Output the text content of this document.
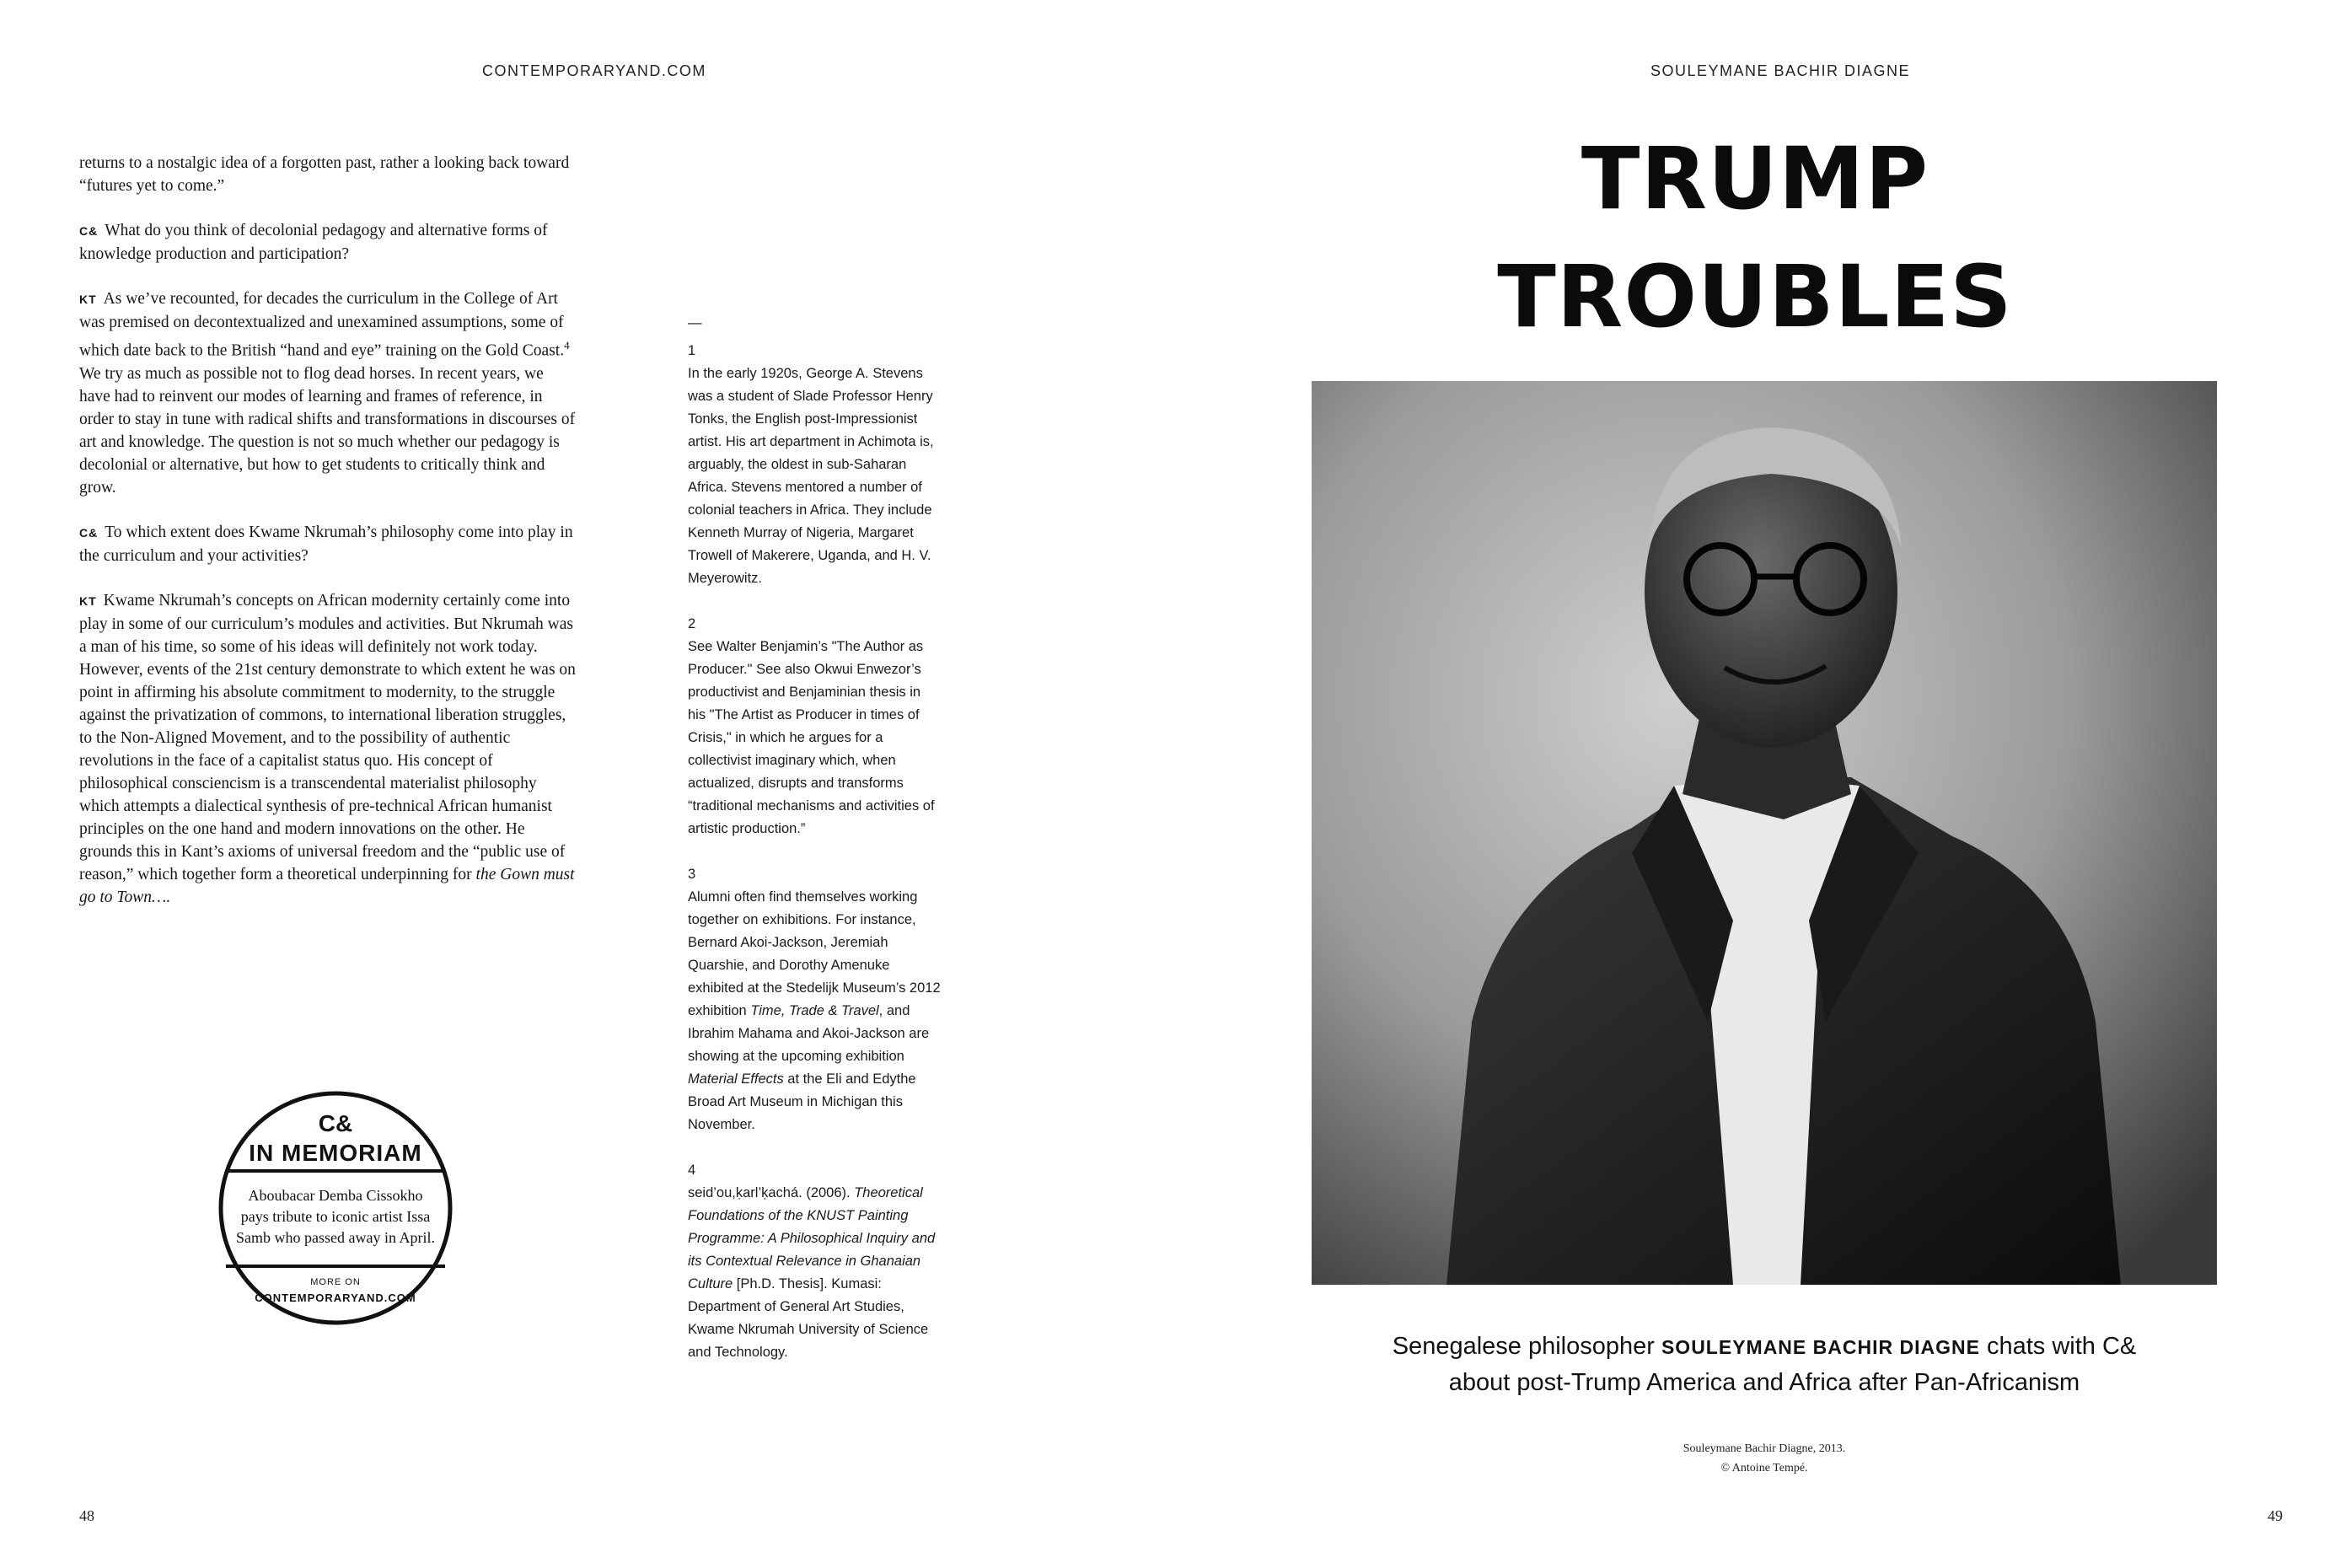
CONTEMPORARYAND.COM

returns to a nostalgic idea of a forgotten past, rather a looking back toward “futures yet to come.”

C& What do you think of decolonial pedagogy and alternative forms of knowledge production and participation?

KT As we’ve recounted, for decades the curriculum in the College of Art was premised on decontextualized and unexamined assumptions, some of which date back to the British “hand and eye” training on the Gold Coast.$^4$ We try as much as possible not to flog dead horses. In recent years, we have had to reinvent our modes of learning and frames of reference, in order to stay in tune with radical shifts and transformations in discourses of art and knowledge. The question is not so much whether our pedagogy is decolonial or alternative, but how to get students to critically think and grow.

C& To which extent does Kwame Nkrumah’s philosophy come into play in the curriculum and your activities?

KT Kwame Nkrumah’s concepts on African modernity certainly come into play in some of our curriculum’s modules and activities. But Nkrumah was a man of his time, so some of his ideas will definitely not work today. However, events of the 21st century demonstrate to which extent he was on point in affirming his absolute commitment to modernity, to the struggle against the privatization of commons, to international liberation struggles, to the Non-Aligned Movement, and to the possibility of authentic revolutions in the face of a capitalist status quo. His concept of philosophical consciencism is a transcendental materialist philosophy which attempts a dialectical synthesis of pre-technical African humanist principles on the one hand and modern innovations on the other. He grounds this in Kant’s axioms of universal freedom and the “public use of reason,” which together form a theoretical underpinning for the Gown must go to Town….

—
1
In the early 1920s, George A. Stevens was a student of Slade Professor Henry Tonks, the English post-Impressionist artist. His art department in Achimota is, arguably, the oldest in sub-Saharan Africa. Stevens mentored a number of colonial teachers in Africa. They include Kenneth Murray of Nigeria, Margaret Trowell of Makerere, Uganda, and H. V. Meyerowitz.
2
See Walter Benjamin’s "The Author as Producer." See also Okwui Enwezor’s productivist and Benjaminian thesis in his "The Artist as Producer in times of Crisis," in which he argues for a collectivist imaginary which, when actualized, disrupts and transforms “traditional mechanisms and activities of artistic production.”
3
Alumni often find themselves working together on exhibitions. For instance, Bernard Akoi-Jackson, Jeremiah Quarshie, and Dorothy Amenuke exhibited at the Stedelijk Museum’s 2012 exhibition Time, Trade & Travel, and Ibrahim Mahama and Akoi-Jackson are showing at the upcoming exhibition Material Effects at the Eli and Edythe Broad Art Museum in Michigan this November.
4
seid’ou,ḳarl’ḳachá. (2006). Theoretical Foundations of the KNUST Painting Programme: A Philosophical Inquiry and its Contextual Relevance in Ghanaian Culture [Ph.D. Thesis]. Kumasi: Department of General Art Studies, Kwame Nkrumah University of Science and Technology.
C&
IN MEMORIAM
Aboubacar Demba Cissokho
pays tribute to iconic artist Issa
Samb who passed away in April.
MORE ON
CONTEMPORARYAND.COM
48
SOULEYMANE BACHIR DIAGNE
TRUMP
TROUBLES
Senegalese philosopher SOULEYMANE BACHIR DIAGNE chats with C&
about post-Trump America and Africa after Pan-Africanism
Souleymane Bachir Diagne, 2013.
© Antoine Tempé.
49
